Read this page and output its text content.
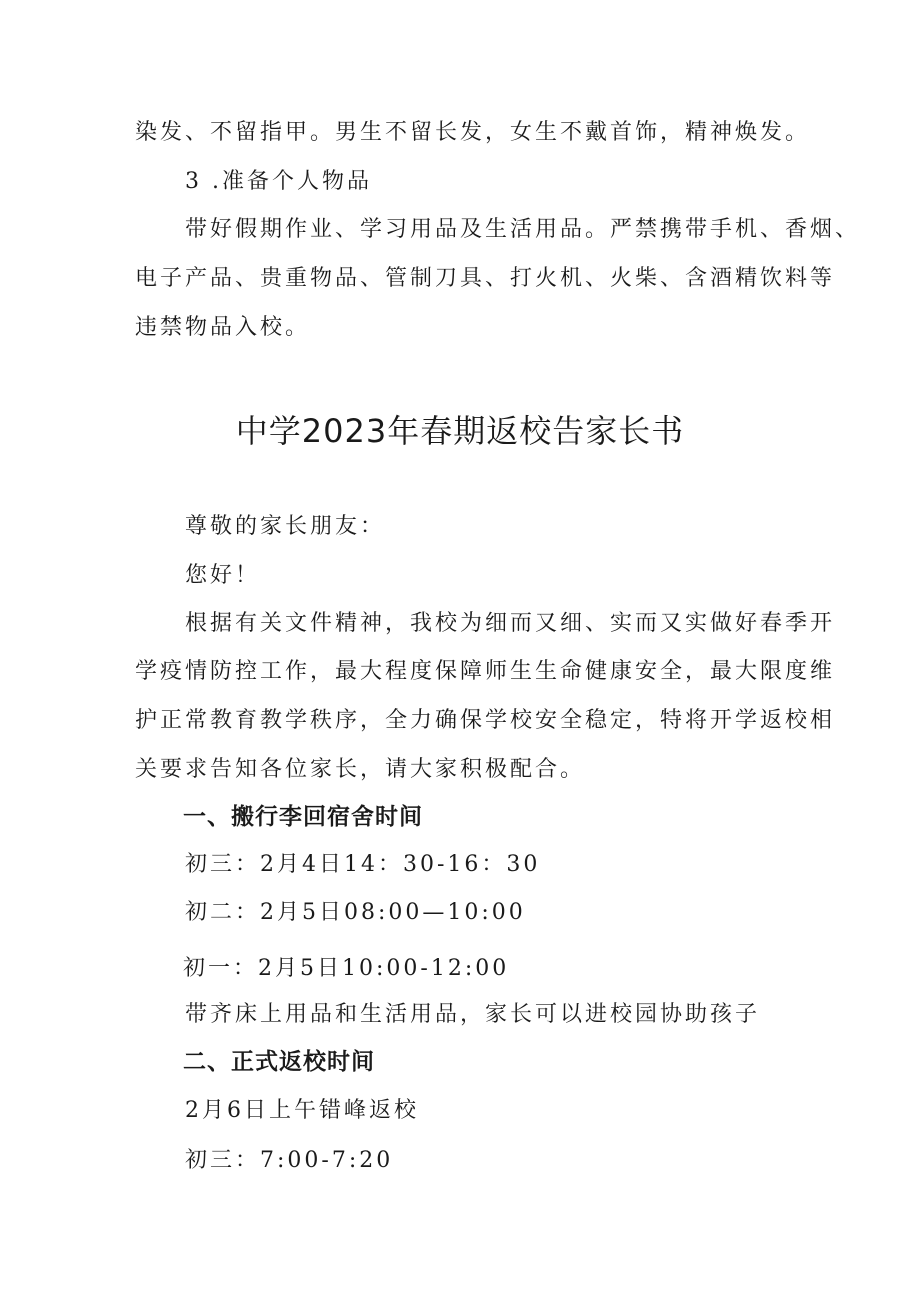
染发、不留指甲。男生不留长发，女生不戴首饰，精神焕发。
3 .准备个人物品
带好假期作业、学习用品及生活用品。严禁携带手机、香烟、
电子产品、贵重物品、管制刀具、打火机、火柴、含酒精饮料等
违禁物品入校。
中学2023年春期返校告家长书
尊敬的家长朋友：
您好！
根据有关文件精神，我校为细而又细、实而又实做好春季开
学疫情防控工作，最大程度保障师生生命健康安全，最大限度维
护正常教育教学秩序，全力确保学校安全稳定，特将开学返校相
关要求告知各位家长，请大家积极配合。
一、搬行李回宿舍时间
初三：2月4日14：30-16：30
初二：2月5日08:00—10:00
初一：2月5日10:00-12:00
带齐床上用品和生活用品，家长可以进校园协助孩子
二、正式返校时间
2月6日上午错峰返校
初三：7:00-7:20
